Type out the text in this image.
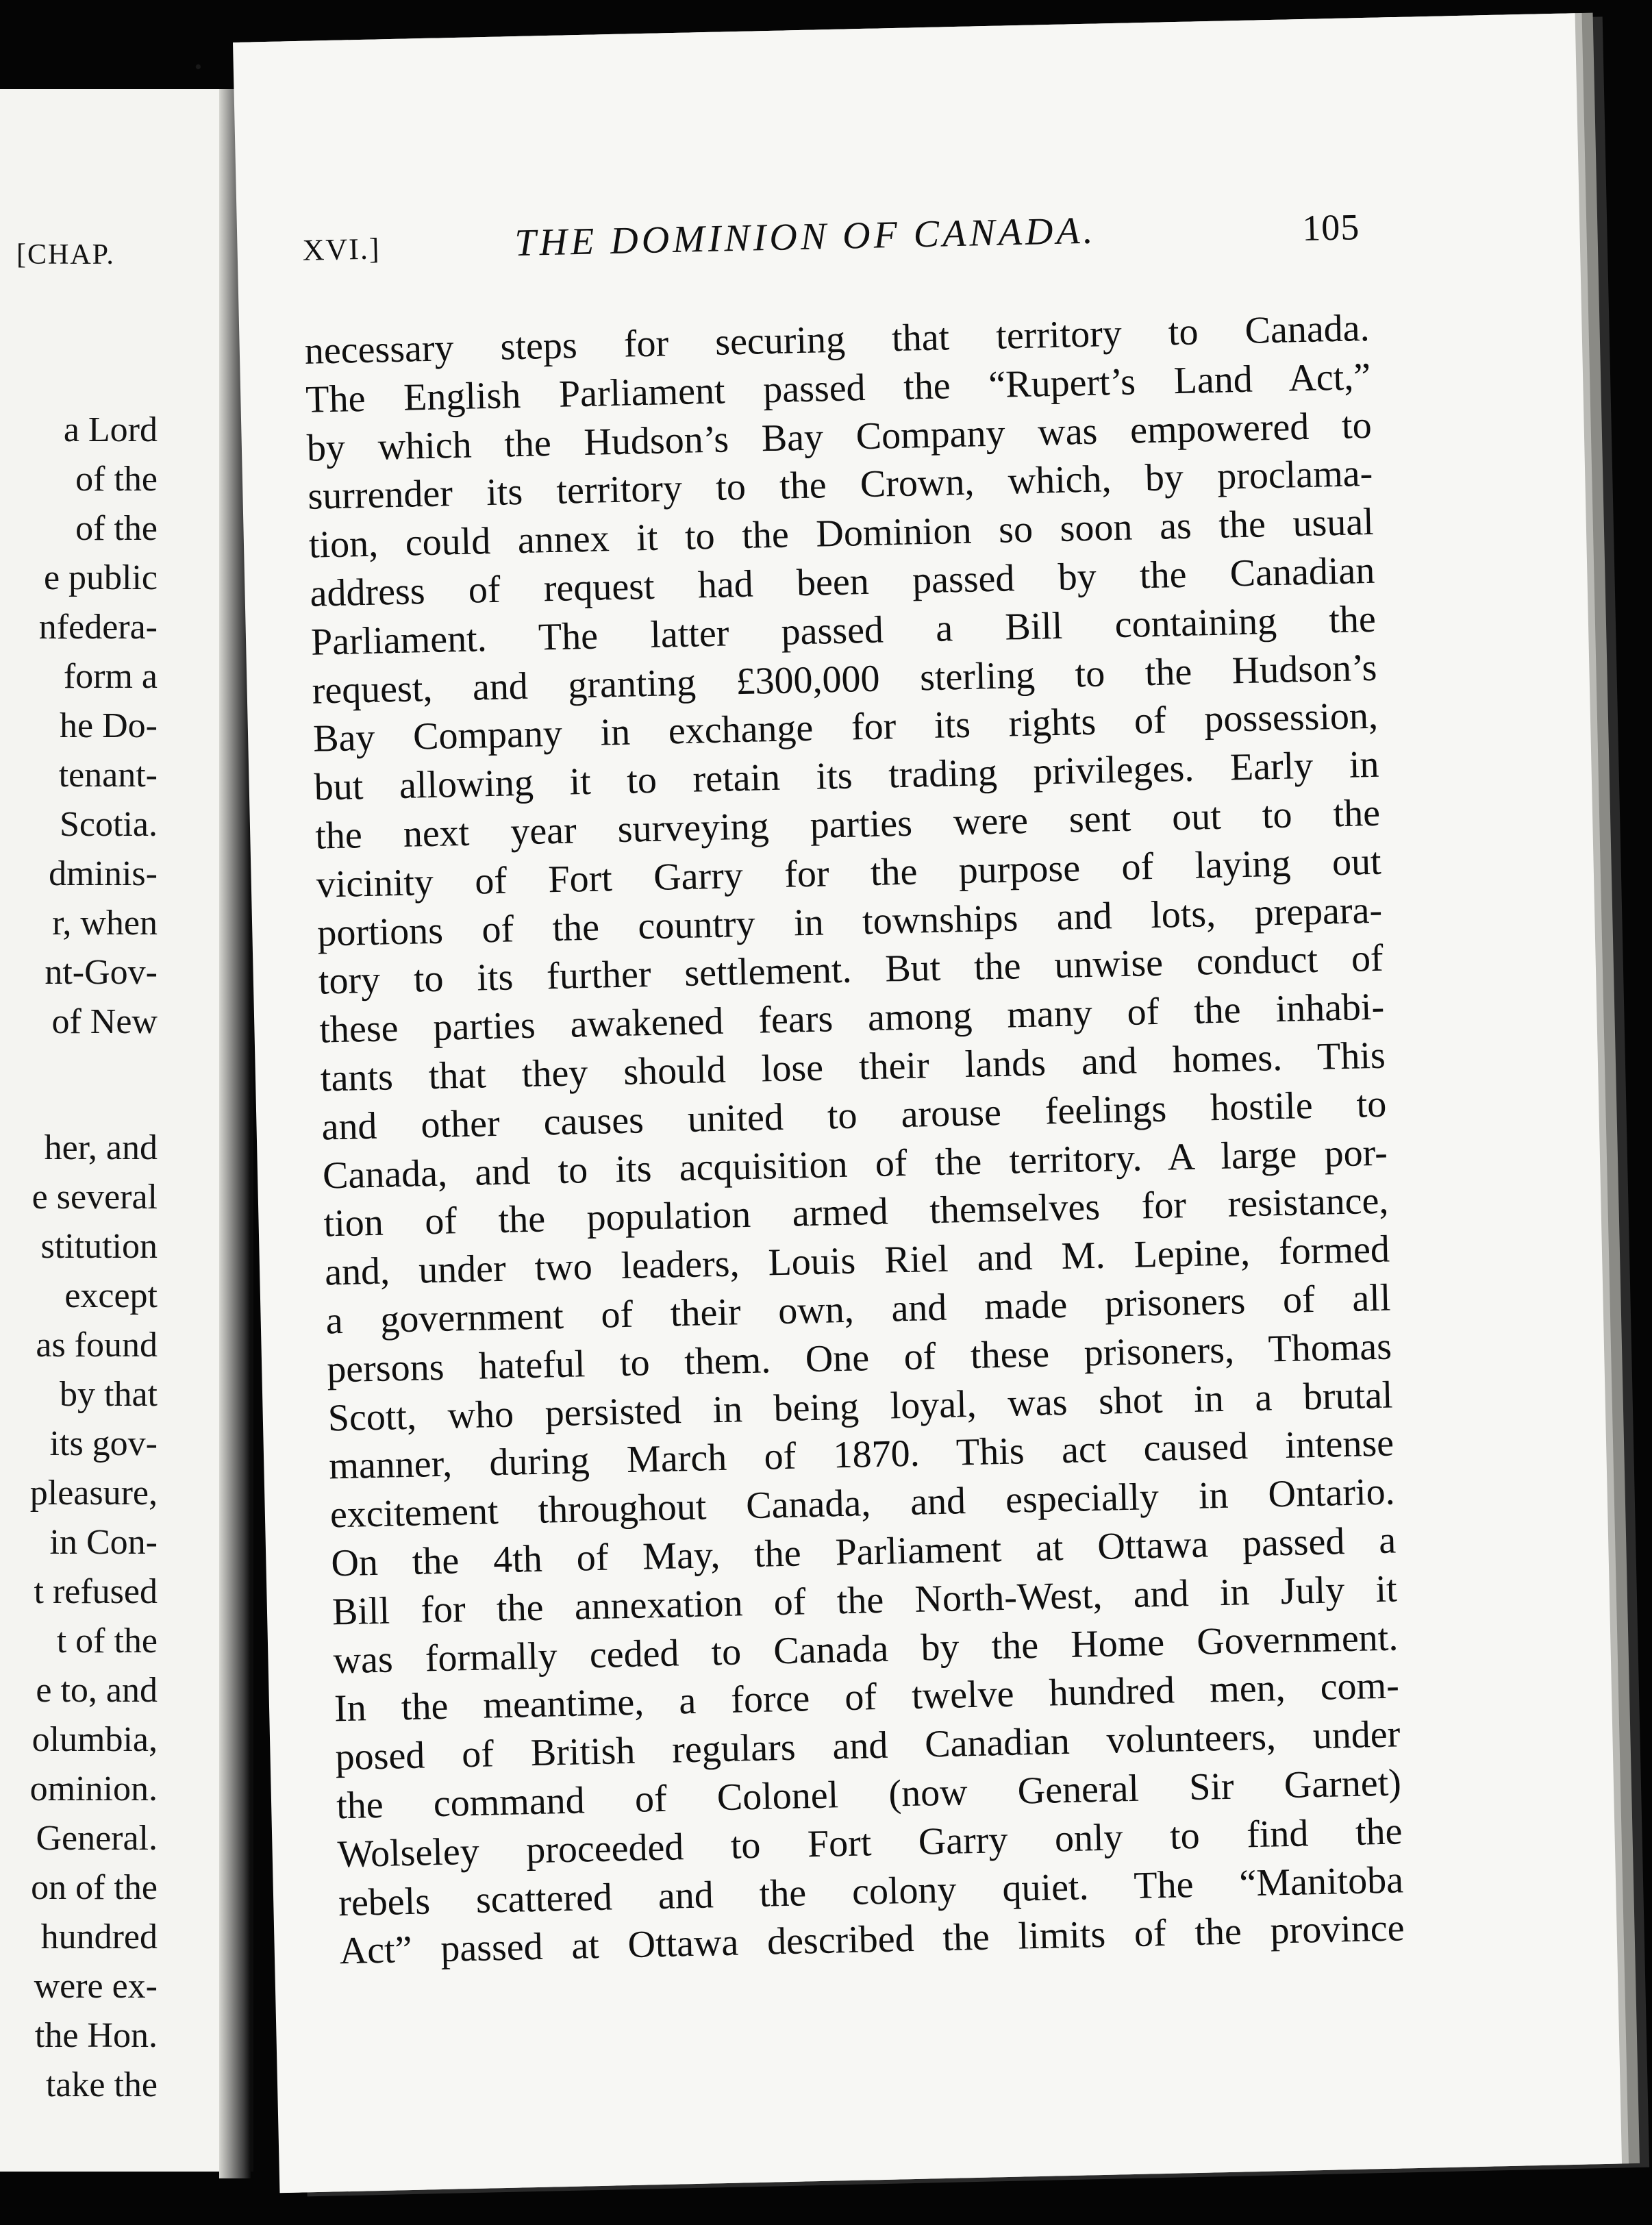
[CHAP.
a Lord
of the
of the
e public
nfedera-
form a
he Do-
tenant-
Scotia.
dminis-
r, when
nt-Gov-
of New
her, and
e several
stitution
except
as found
by that
its gov-
pleasure,
in Con-
t refused
t of the
e to, and
olumbia,
ominion.
General.
on of the
hundred
were ex-
the Hon.
take the
XVI.]	THE DOMINION OF CANADA.	105
necessary steps for securing that territory to Canada.
The English Parliament passed the “Rupert’s Land Act,”
by which the Hudson’s Bay Company was empowered to
surrender its territory to the Crown, which, by proclama-
tion, could annex it to the Dominion so soon as the usual
address of request had been passed by the Canadian
Parliament. The latter passed a Bill containing the
request, and granting £300,000 sterling to the Hudson’s
Bay Company in exchange for its rights of possession,
but allowing it to retain its trading privileges. Early in
the next year surveying parties were sent out to the
vicinity of Fort Garry for the purpose of laying out
portions of the country in townships and lots, prepara-
tory to its further settlement. But the unwise conduct of
these parties awakened fears among many of the inhabi-
tants that they should lose their lands and homes. This
and other causes united to arouse feelings hostile to
Canada, and to its acquisition of the territory. A large por-
tion of the population armed themselves for resistance,
and, under two leaders, Louis Riel and M. Lepine, formed
a government of their own, and made prisoners of all
persons hateful to them. One of these prisoners, Thomas
Scott, who persisted in being loyal, was shot in a brutal
manner, during March of 1870. This act caused intense
excitement throughout Canada, and especially in Ontario.
On the 4th of May, the Parliament at Ottawa passed a
Bill for the annexation of the North-West, and in July it
was formally ceded to Canada by the Home Government.
In the meantime, a force of twelve hundred men, com-
posed of British regulars and Canadian volunteers, under
the command of Colonel (now General Sir Garnet)
Wolseley proceeded to Fort Garry only to find the
rebels scattered and the colony quiet. The “Manitoba
Act” passed at Ottawa described the limits of the province
